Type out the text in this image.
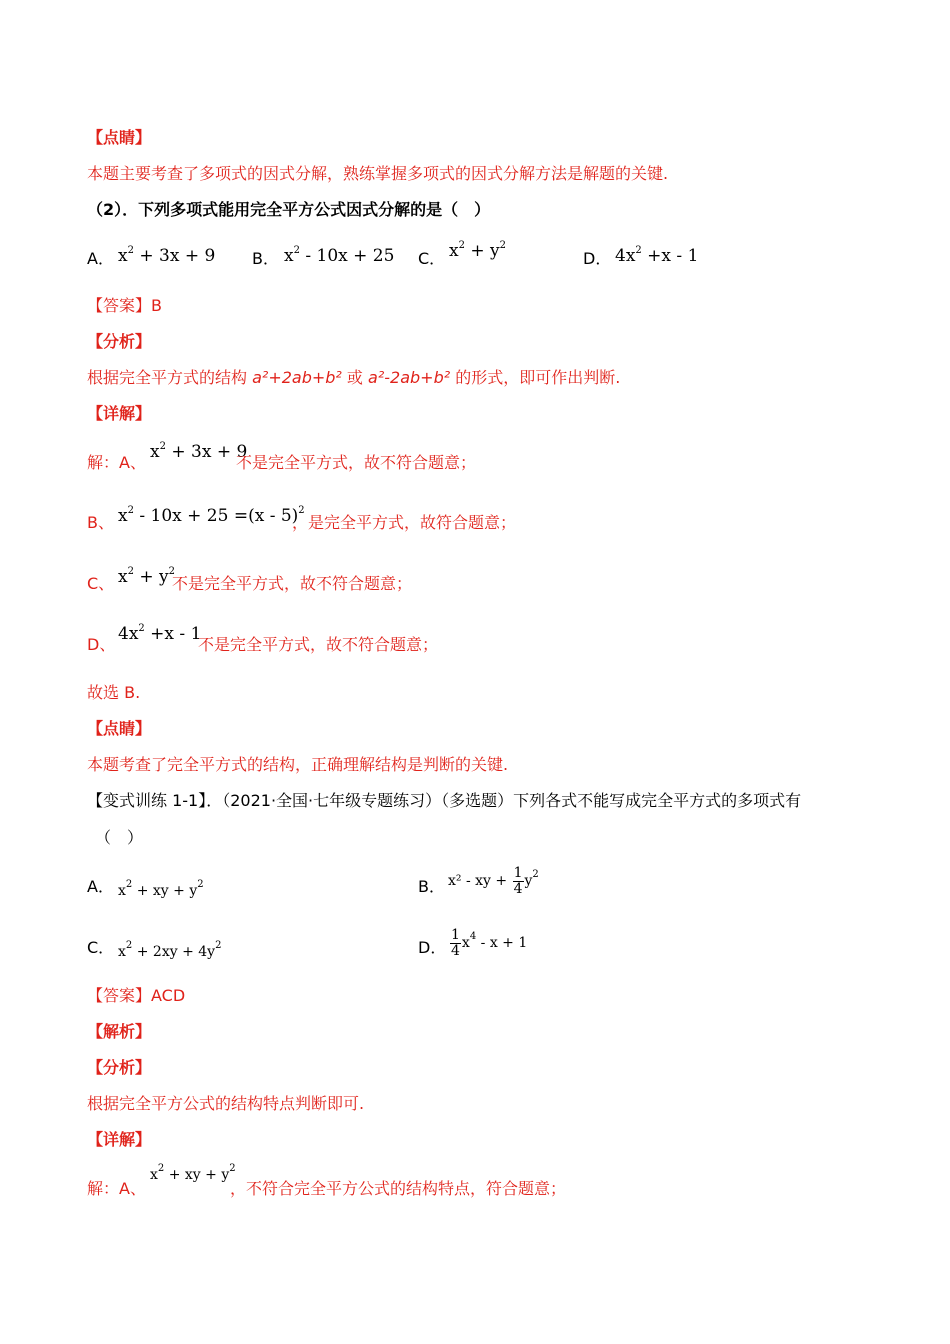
【点睛】
本题主要考查了多项式的因式分解，熟练掌握多项式的因式分解方法是解题的关键.
（2）．下列多项式能用完全平方公式因式分解的是（　）
A． $x^2 + 3x + 9$ B． $x^2 - 10x + 25$ C． $x^2 + y^2$
D． $4x^2 +x - 1$
【答案】B
【分析】
根据完全平方式的结构 a²+2ab+b² 或 a²-2ab+b² 的形式，即可作出判断.
【详解】
解：A、
$x^2 + 3x + 9$
不是完全平方式，故不符合题意；
B、 $x^2 - 10x + 25 =(x - 5)^2$
，是完全平方式，故符合题意；
C、 $x^2 + y^2$
不是完全平方式，故不符合题意；
D、
$4x^2 +x - 1$
不是完全平方式，故不符合题意；
故选 B.
【点睛】
本题考查了完全平方式的结构，正确理解结构是判断的关键.
【变式训练 1-1】．（2021·全国·七年级专题练习）（多选题）下列各式不能写成完全平方式的多项式有
（　）
A． $x^2$ + xy + $y^2$	B． x² - xy + $\frac{1}{4} y^2$
C． $x^2 + 2xy + 4y^2$	D． $\frac{1}{4} x^4 - x + 1$
【答案】ACD
【解析】
【分析】
根据完全平方公式的结构特点判断即可.
【详解】
解：A、
$x^2$ + xy + $y^2$
，不符合完全平方公式的结构特点，符合题意；
